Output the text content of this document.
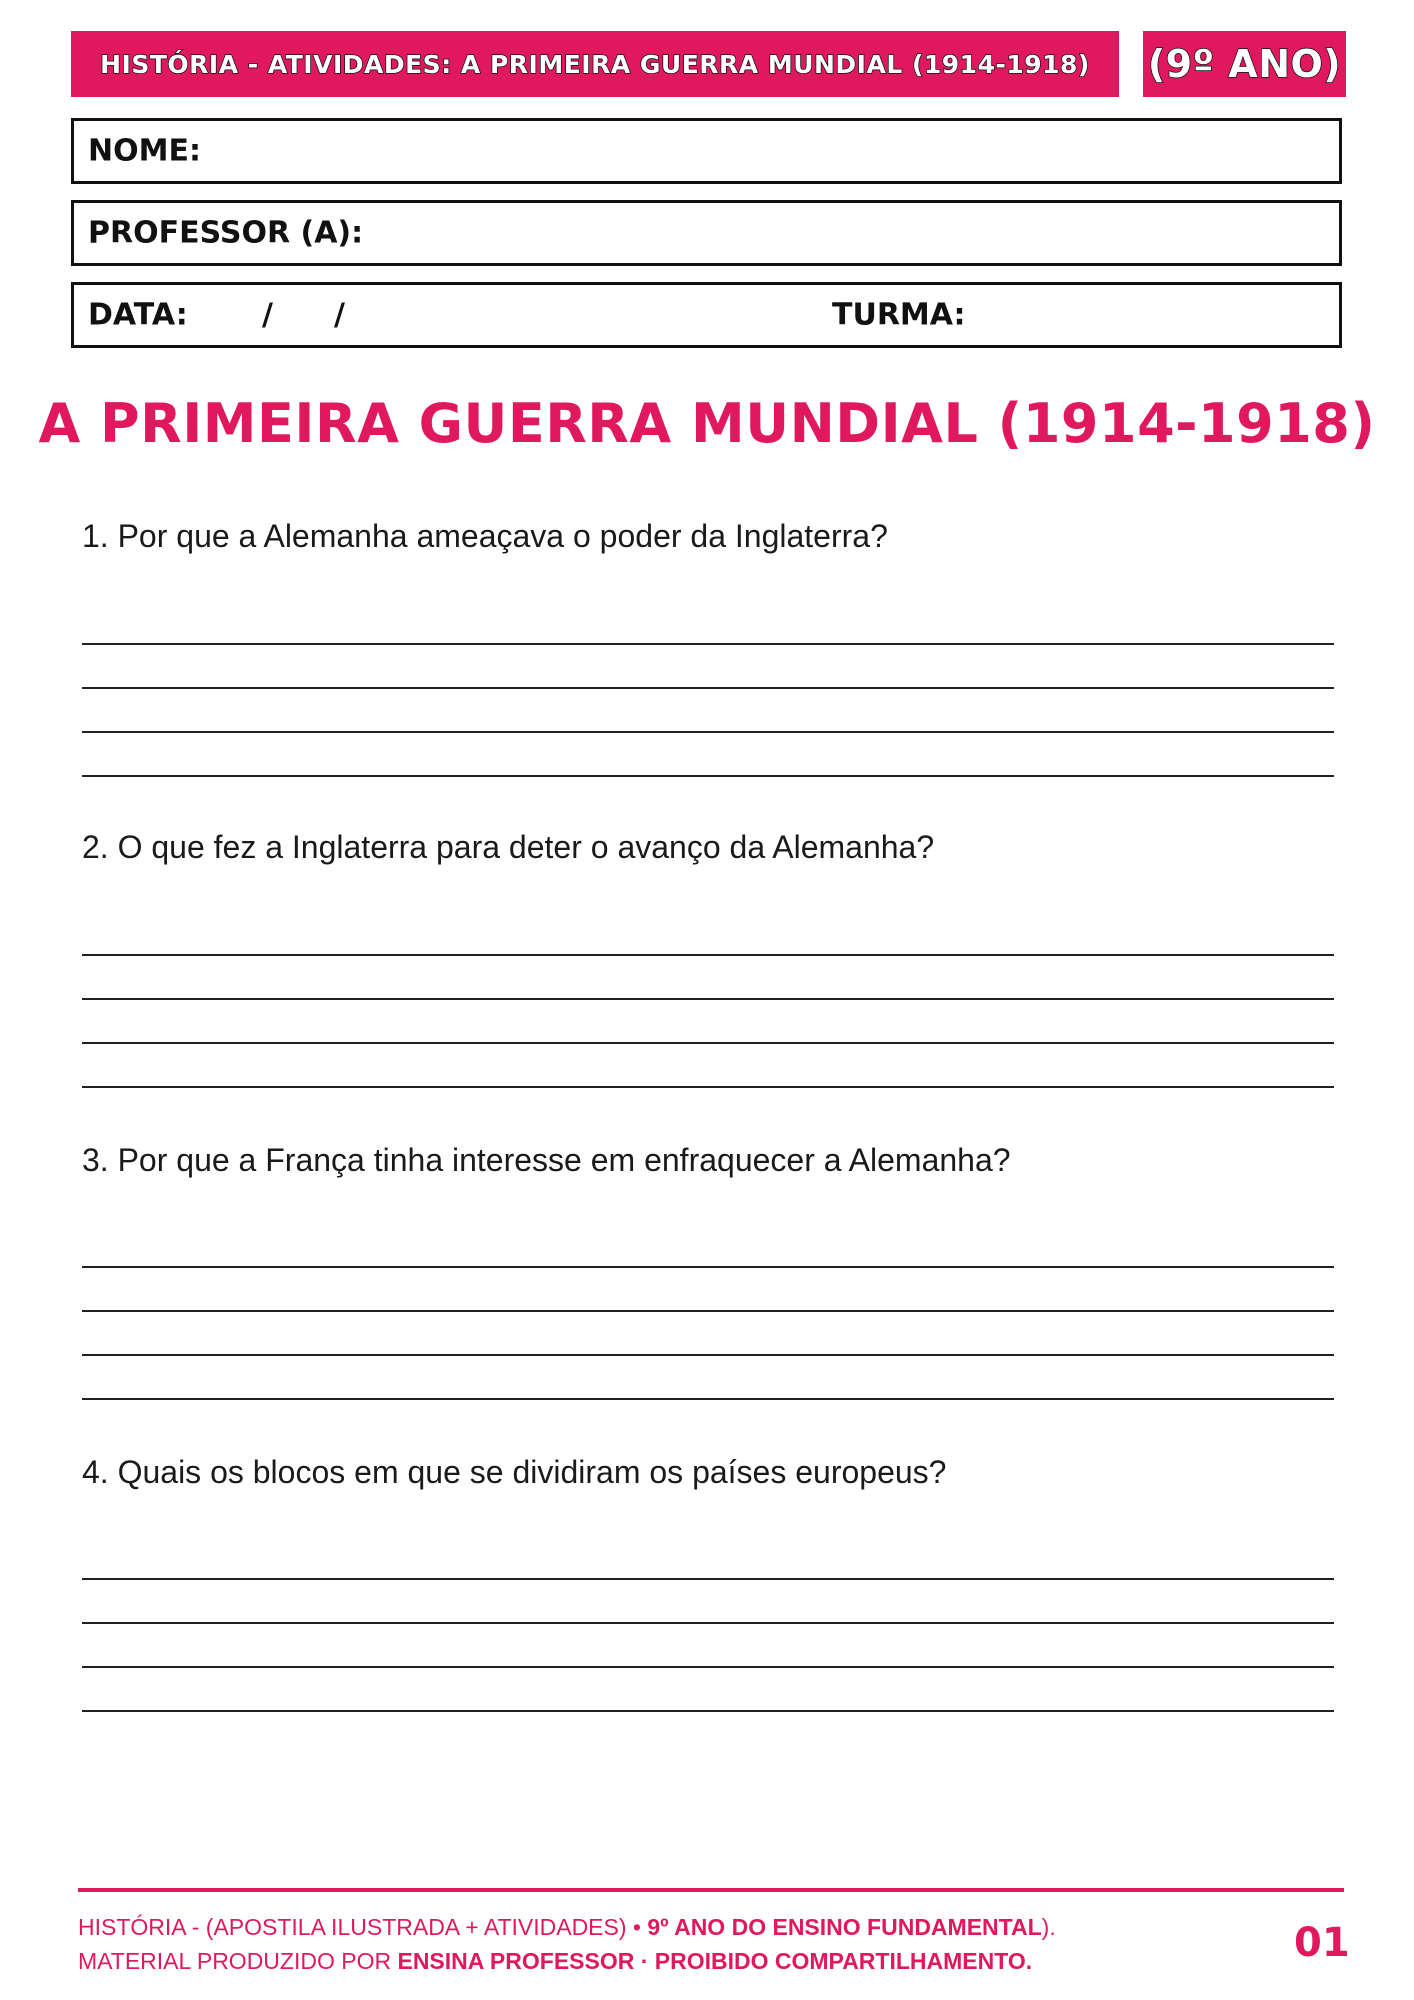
HISTÓRIA - ATIVIDADES: A PRIMEIRA GUERRA MUNDIAL (1914-1918) (9º ANO)
NOME:
PROFESSOR (A):
DATA: / /	TURMA:
A PRIMEIRA GUERRA MUNDIAL (1914-1918)
1. Por que a Alemanha ameaçava o poder da Inglaterra?
2. O que fez a Inglaterra para deter o avanço da Alemanha?
3. Por que a França tinha interesse em enfraquecer a Alemanha?
4. Quais os blocos em que se dividiram os países europeus?
HISTÓRIA - (APOSTILA ILUSTRADA + ATIVIDADES) • 9º ANO DO ENSINO FUNDAMENTAL).
MATERIAL PRODUZIDO POR ENSINA PROFESSOR · PROIBIDO COMPARTILHAMENTO.	01
